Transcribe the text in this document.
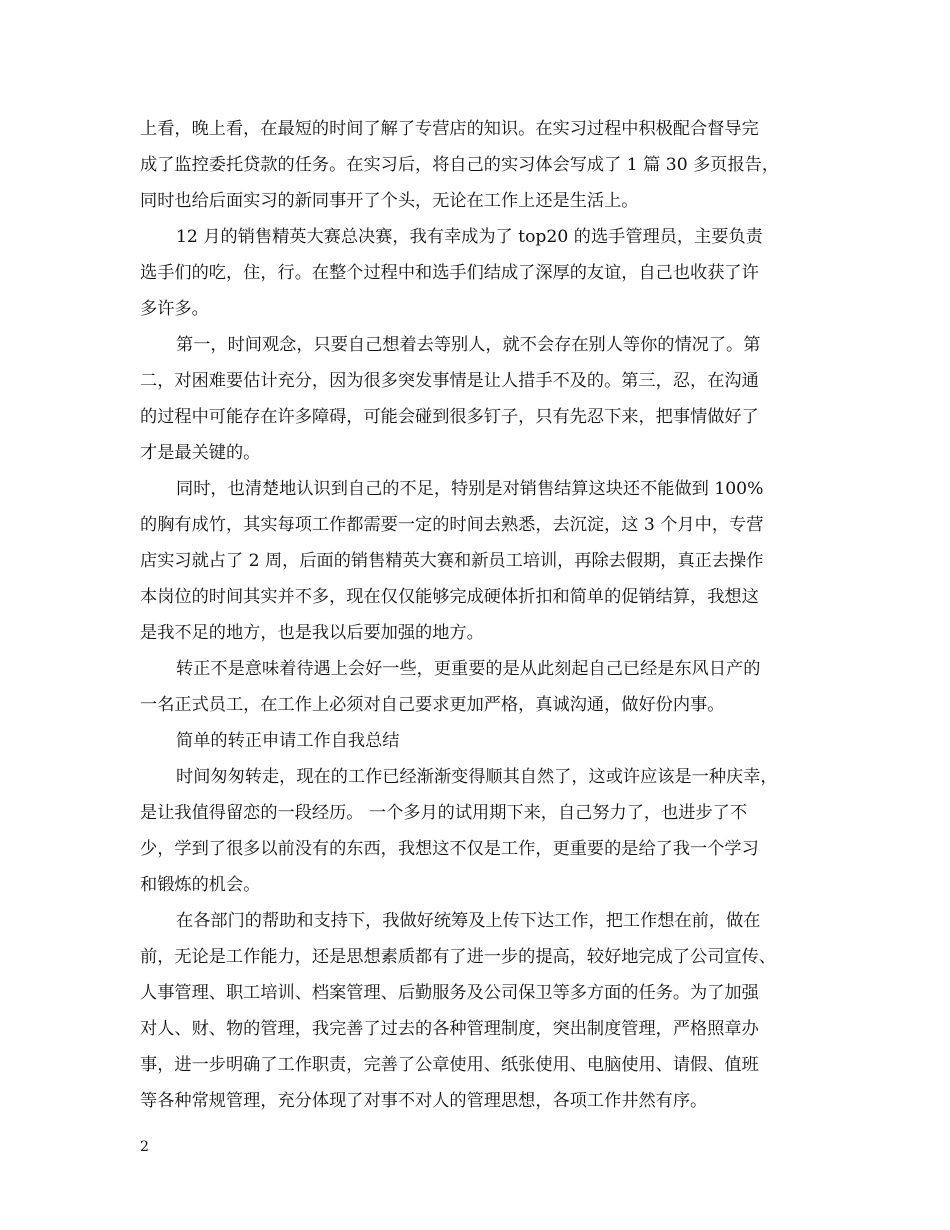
上看，晚上看，在最短的时间了解了专营店的知识。在实习过程中积极配合督导完
成了监控委托贷款的任务。在实习后，将自己的实习体会写成了 1 篇 30 多页报告，
同时也给后面实习的新同事开了个头，无论在工作上还是生活上。
12 月的销售精英大赛总决赛，我有幸成为了 top20 的选手管理员，主要负责
选手们的吃，住，行。在整个过程中和选手们结成了深厚的友谊，自己也收获了许
多许多。
第一，时间观念，只要自己想着去等别人，就不会存在别人等你的情况了。第
二，对困难要估计充分，因为很多突发事情是让人措手不及的。第三，忍，在沟通
的过程中可能存在许多障碍，可能会碰到很多钉子，只有先忍下来，把事情做好了
才是最关键的。
同时，也清楚地认识到自己的不足，特别是对销售结算这块还不能做到 100%
的胸有成竹，其实每项工作都需要一定的时间去熟悉，去沉淀，这 3 个月中，专营
店实习就占了 2 周，后面的销售精英大赛和新员工培训，再除去假期，真正去操作
本岗位的时间其实并不多，现在仅仅能够完成硬体折扣和简单的促销结算，我想这
是我不足的地方，也是我以后要加强的地方。
转正不是意味着待遇上会好一些，更重要的是从此刻起自己已经是东风日产的
一名正式员工，在工作上必须对自己要求更加严格，真诚沟通，做好份内事。
简单的转正申请工作自我总结
时间匆匆转走，现在的工作已经渐渐变得顺其自然了，这或许应该是一种庆幸，
是让我值得留恋的一段经历。 一个多月的试用期下来，自己努力了，也进步了不
少，学到了很多以前没有的东西，我想这不仅是工作，更重要的是给了我一个学习
和锻炼的机会。
在各部门的帮助和支持下，我做好统筹及上传下达工作，把工作想在前，做在
前，无论是工作能力，还是思想素质都有了进一步的提高，较好地完成了公司宣传、
人事管理、职工培训、档案管理、后勤服务及公司保卫等多方面的任务。为了加强
对人、财、物的管理，我完善了过去的各种管理制度，突出制度管理，严格照章办
事，进一步明确了工作职责，完善了公章使用、纸张使用、电脑使用、请假、值班
等各种常规管理，充分体现了对事不对人的管理思想，各项工作井然有序。
2
